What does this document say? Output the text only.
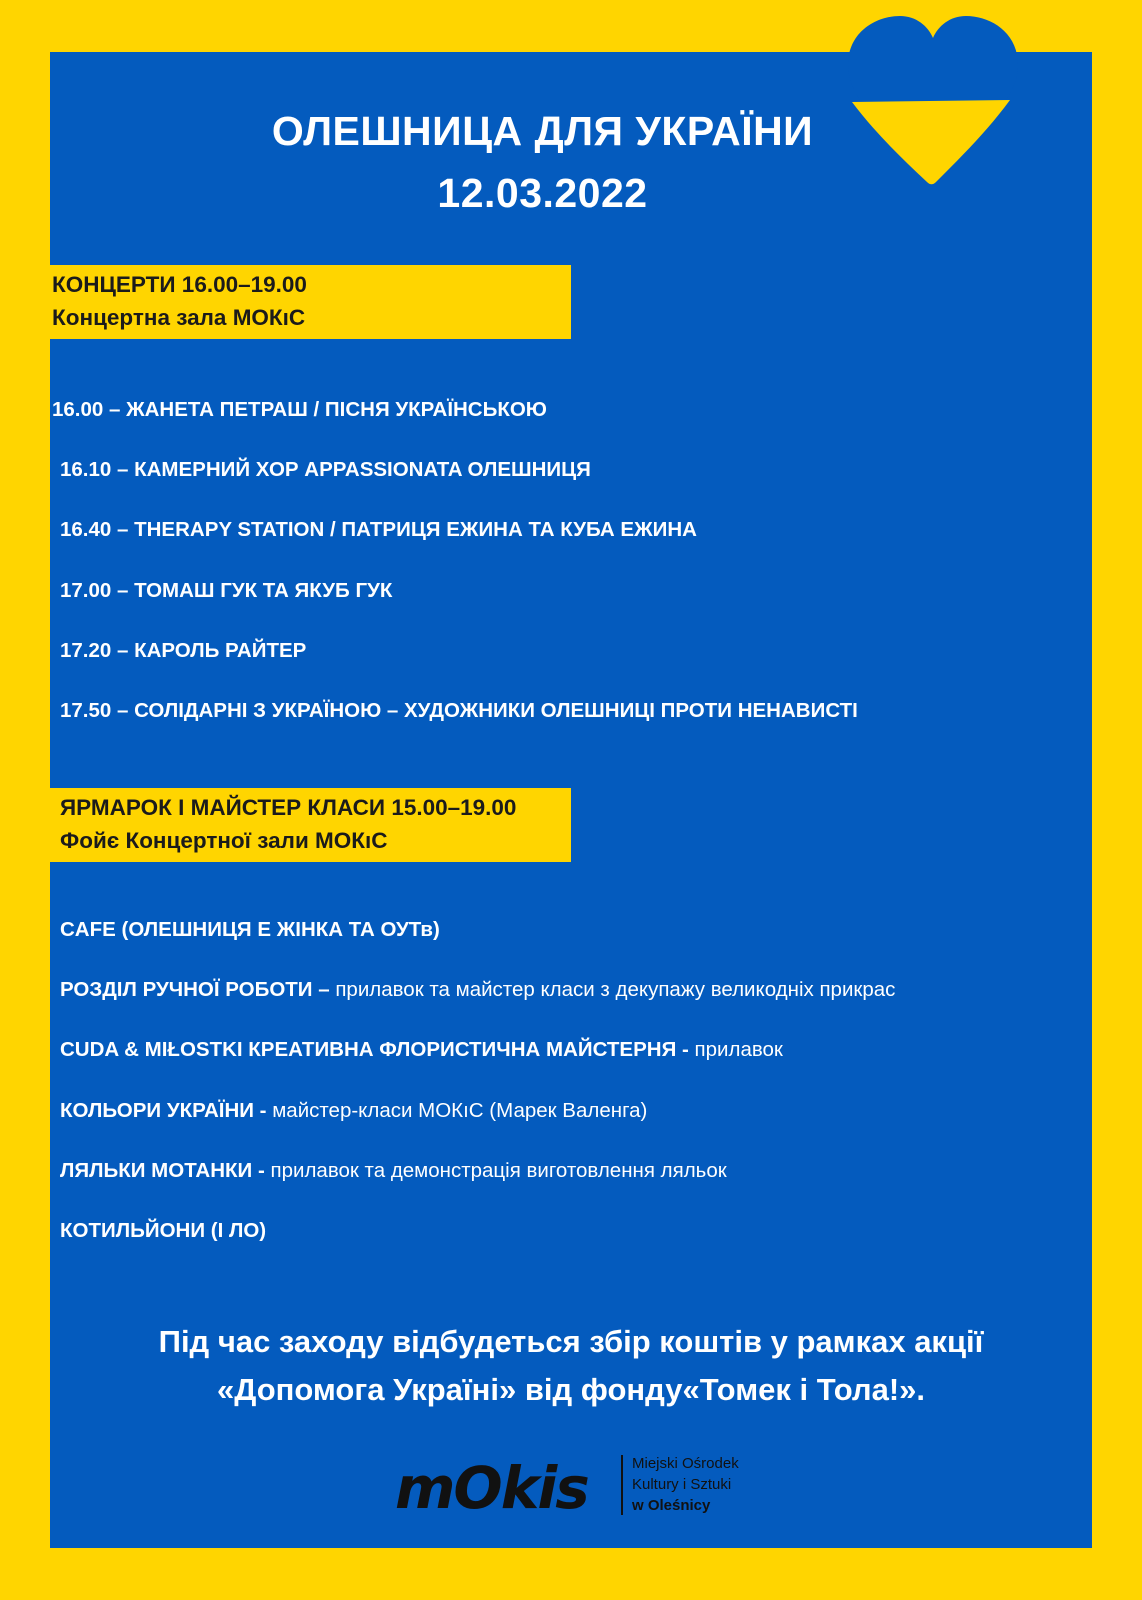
ОЛЕШНИЦА ДЛЯ УКРАЇНИ
12.03.2022
КОНЦЕРТИ 16.00–19.00
Концертна зала МОКıС
16.00 – ЖАНЕТА ПЕТРАШ / ПІСНЯ УКРАЇНСЬКОЮ
16.10 – КАМЕРНИЙ ХОР APPASSIONATA ОЛЕШНИЦЯ
16.40 – THERAPY STATION / ПАТРИЦЯ ЕЖИНА ТА КУБА ЕЖИНА
17.00 – ТОМАШ ГУК ТА ЯКУБ ГУК
17.20 – КАРОЛЬ РАЙТЕР
17.50 – СОЛІДАРНІ З УКРАЇНОЮ – ХУДОЖНИКИ ОЛЕШНИЦІ ПРОТИ НЕНАВИСТІ
ЯРМАРОК І МАЙСТЕР КЛАСИ 15.00–19.00
Фойє Концертної зали МОКıС
CAFE (ОЛЕШНИЦЯ Е ЖІНКА ТА ОУТв)
РОЗДІЛ РУЧНОЇ РОБОТИ – прилавок та майстер класи з декупажу великодніх прикрас
CUDA & MIŁOSTKI КРЕАТИВНА ФЛОРИСТИЧНА МАЙСТЕРНЯ - прилавок
КОЛЬОРИ УКРАЇНИ - майстер-класи МОКıС (Марек Валенга)
ЛЯЛЬКИ МОТАНКИ - прилавок та демонстрація виготовлення ляльок
КОТИЛЬЙОНИ (І ЛО)
Під час заходу відбудеться збір коштів у рамках акції
«Допомога Україні» від фонду«Томек і Тола!».
mOkis	Miejski Ośrodek
Kultury i Sztuki
w Oleśnicy
